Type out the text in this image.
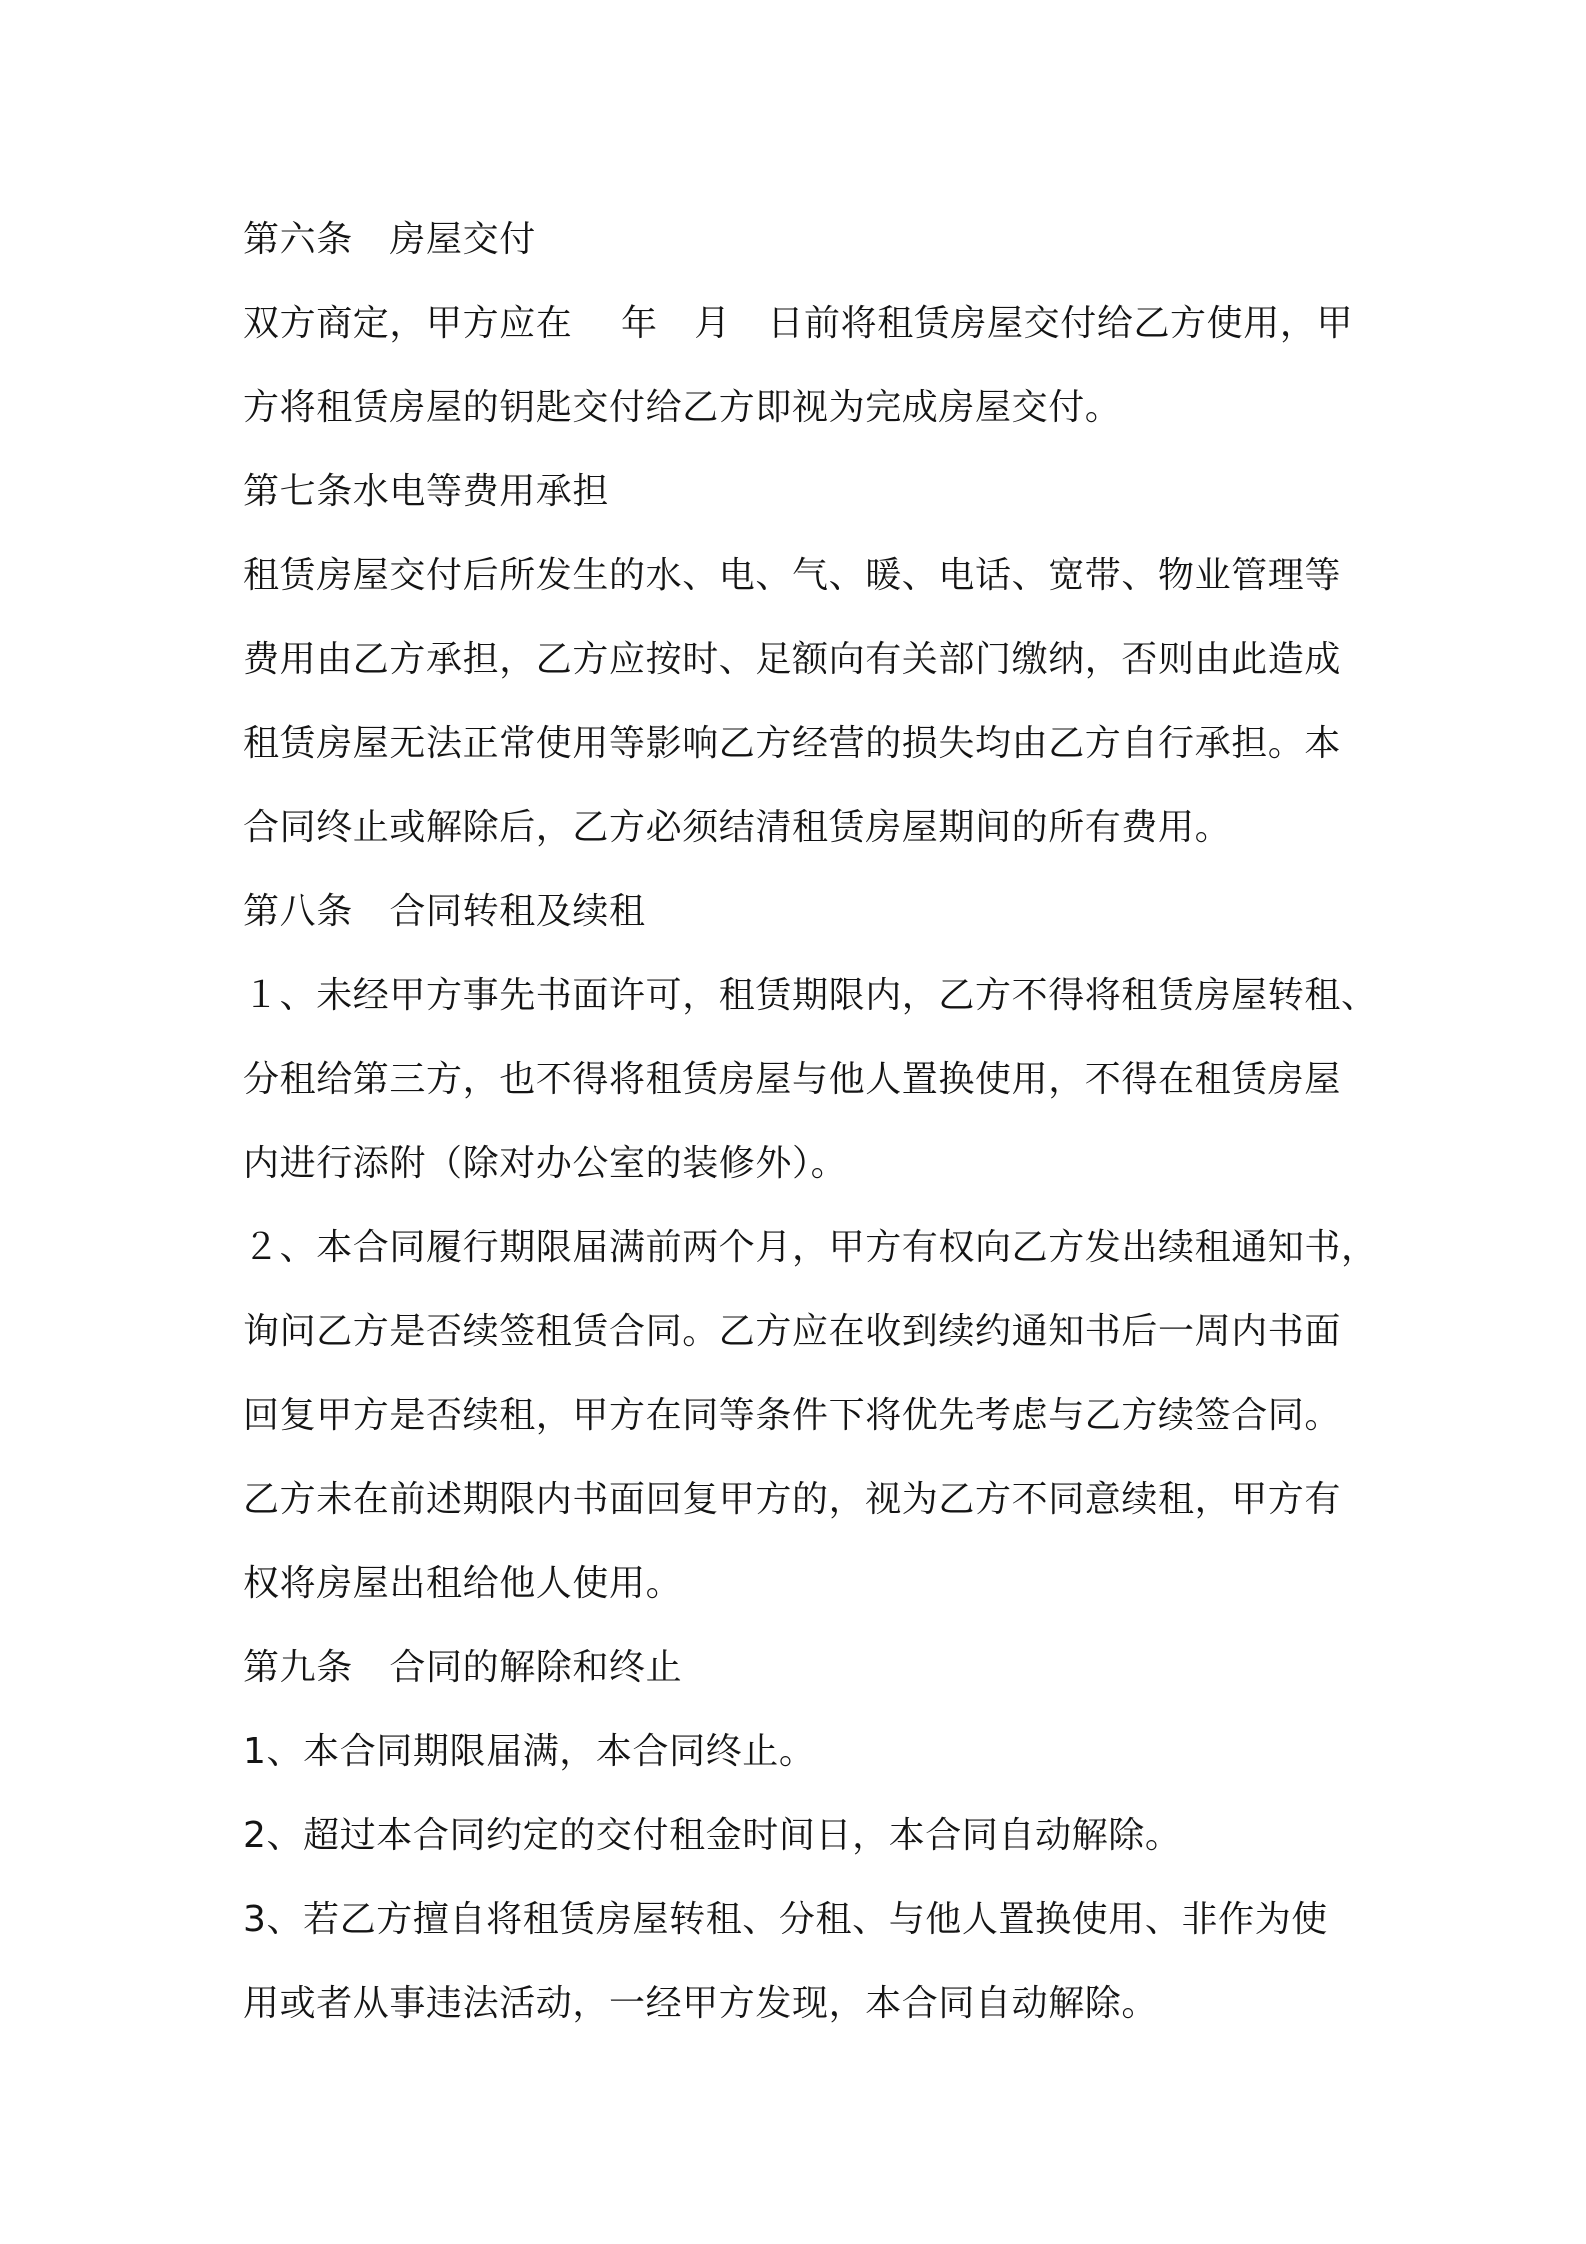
第六条　房屋交付
双方商定，甲方应在　 年　月　日前将租赁房屋交付给乙方使用，甲
方将租赁房屋的钥匙交付给乙方即视为完成房屋交付。
第七条水电等费用承担
租赁房屋交付后所发生的水、电、气、暖、电话、宽带、物业管理等
费用由乙方承担，乙方应按时、足额向有关部门缴纳，否则由此造成
租赁房屋无法正常使用等影响乙方经营的损失均由乙方自行承担。本
合同终止或解除后，乙方必须结清租赁房屋期间的所有费用。
第八条　合同转租及续租
１、未经甲方事先书面许可，租赁期限内，乙方不得将租赁房屋转租、
分租给第三方，也不得将租赁房屋与他人置换使用，不得在租赁房屋
内进行添附（除对办公室的装修外）。
２、本合同履行期限届满前两个月，甲方有权向乙方发出续租通知书，
询问乙方是否续签租赁合同。乙方应在收到续约通知书后一周内书面
回复甲方是否续租，甲方在同等条件下将优先考虑与乙方续签合同。
乙方未在前述期限内书面回复甲方的，视为乙方不同意续租，甲方有
权将房屋出租给他人使用。
第九条　合同的解除和终止
1、本合同期限届满，本合同终止。
2、超过本合同约定的交付租金时间日，本合同自动解除。
3、若乙方擅自将租赁房屋转租、分租、与他人置换使用、非作为使
用或者从事违法活动，一经甲方发现，本合同自动解除。
